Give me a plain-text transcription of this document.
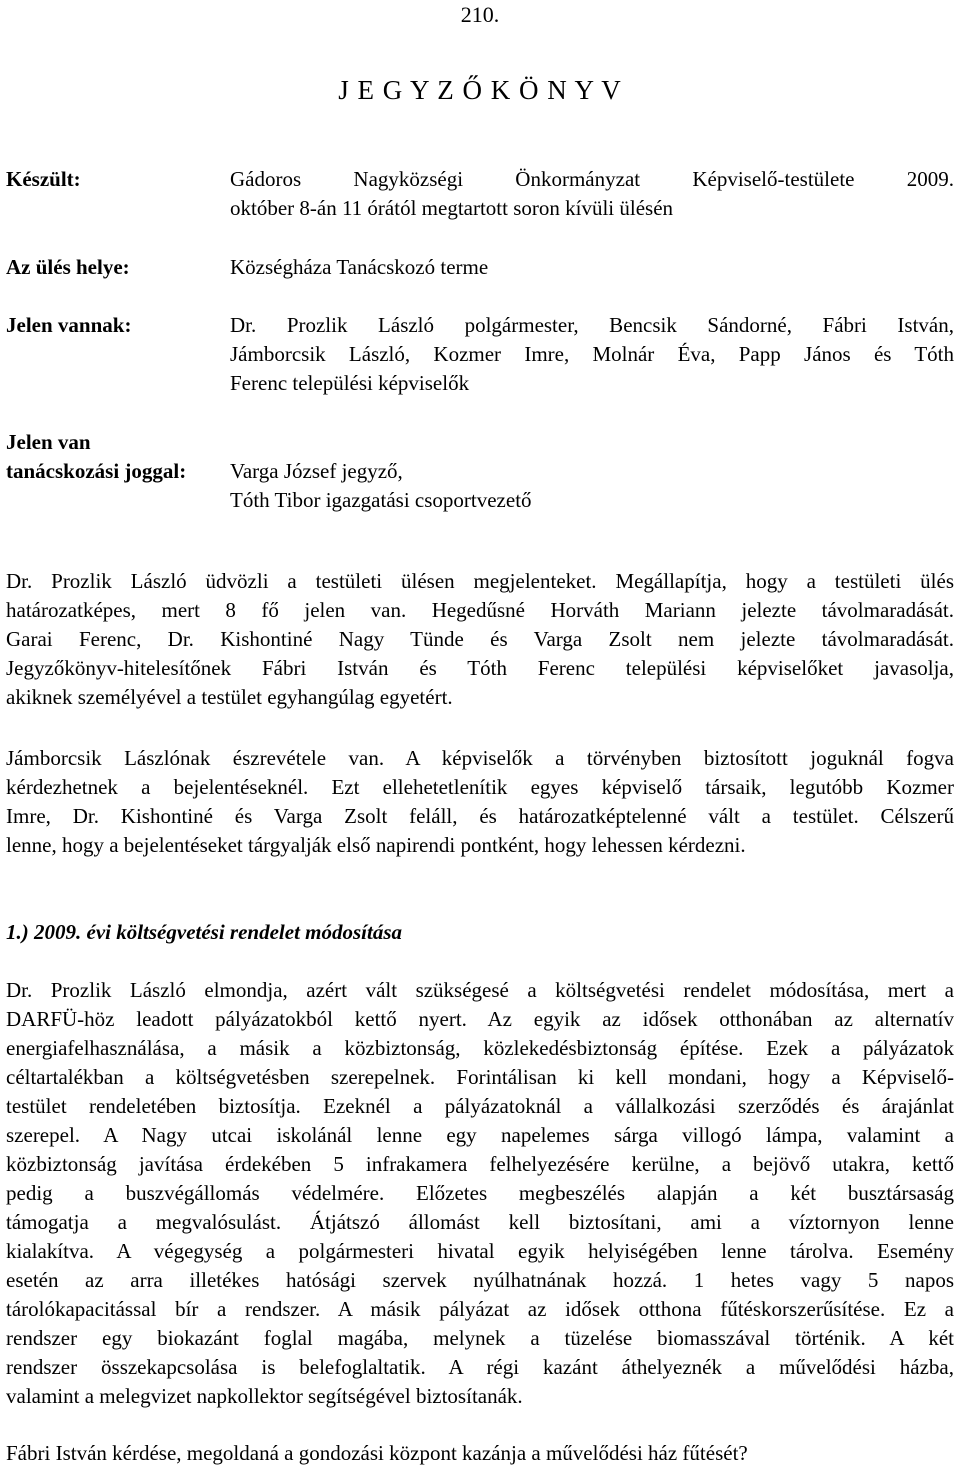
210.
J E G Y Z Ő K Ö N Y V
Készült:	Gádoros Nagyközségi Önkormányzat Képviselő-testülete 2009.
október 8-án 11 órától megtartott soron kívüli ülésén
Az ülés helye:	Községháza Tanácskozó terme
Jelen vannak:	Dr. Prozlik László polgármester, Bencsik Sándorné, Fábri István,
Jámborcsik László, Kozmer Imre, Molnár Éva, Papp János és Tóth
Ferenc települési képviselők
Jelen van
tanácskozási joggal: Varga József jegyző,
Tóth Tibor igazgatási csoportvezető
Dr. Prozlik László üdvözli a testületi ülésen megjelenteket. Megállapítja, hogy a testületi ülés
határozatképes, mert 8 fő jelen van. Hegedűsné Horváth Mariann jelezte távolmaradását.
Garai Ferenc, Dr. Kishontiné Nagy Tünde és Varga Zsolt nem jelezte távolmaradását.
Jegyzőkönyv-hitelesítőnek Fábri István és Tóth Ferenc települési képviselőket javasolja,
akiknek személyével a testület egyhangúlag egyetért.
Jámborcsik Lászlónak észrevétele van. A képviselők a törvényben biztosított joguknál fogva
kérdezhetnek a bejelentéseknél. Ezt ellehetetlenítik egyes képviselő társaik, legutóbb Kozmer
Imre, Dr. Kishontiné és Varga Zsolt feláll, és határozatképtelenné vált a testület. Célszerű
lenne, hogy a bejelentéseket tárgyalják első napirendi pontként, hogy lehessen kérdezni.
1.) 2009. évi költségvetési rendelet módosítása
Dr. Prozlik László elmondja, azért vált szükségesé a költségvetési rendelet módosítása, mert a
DARFÜ-höz leadott pályázatokból kettő nyert. Az egyik az idősek otthonában az alternatív
energiafelhasználása, a másik a közbiztonság, közlekedésbiztonság építése. Ezek a pályázatok
céltartalékban a költségvetésben szerepelnek. Forintálisan ki kell mondani, hogy a Képviselő-
testület rendeletében biztosítja. Ezeknél a pályázatoknál a vállalkozási szerződés és árajánlat
szerepel. A Nagy utcai iskolánál lenne egy napelemes sárga villogó lámpa, valamint a
közbiztonság javítása érdekében 5 infrakamera felhelyezésére kerülne, a bejövő utakra, kettő
pedig a buszvégállomás védelmére. Előzetes megbeszélés alapján a két busztársaság
támogatja a megvalósulást. Átjátszó állomást kell biztosítani, ami a víztornyon lenne
kialakítva. A végegység a polgármesteri hivatal egyik helyiségében lenne tárolva. Esemény
esetén az arra illetékes hatósági szervek nyúlhatnának hozzá. 1 hetes vagy 5 napos
tárolókapacitással bír a rendszer. A másik pályázat az idősek otthona fűtéskorszerűsítése. Ez a
rendszer egy biokazánt foglal magába, melynek a tüzelése biomasszával történik. A két
rendszer összekapcsolása is belefoglaltatik. A régi kazánt áthelyeznék a művelődési házba,
valamint a melegvizet napkollektor segítségével biztosítanák.
Fábri István kérdése, megoldaná a gondozási központ kazánja a művelődési ház fűtését?
